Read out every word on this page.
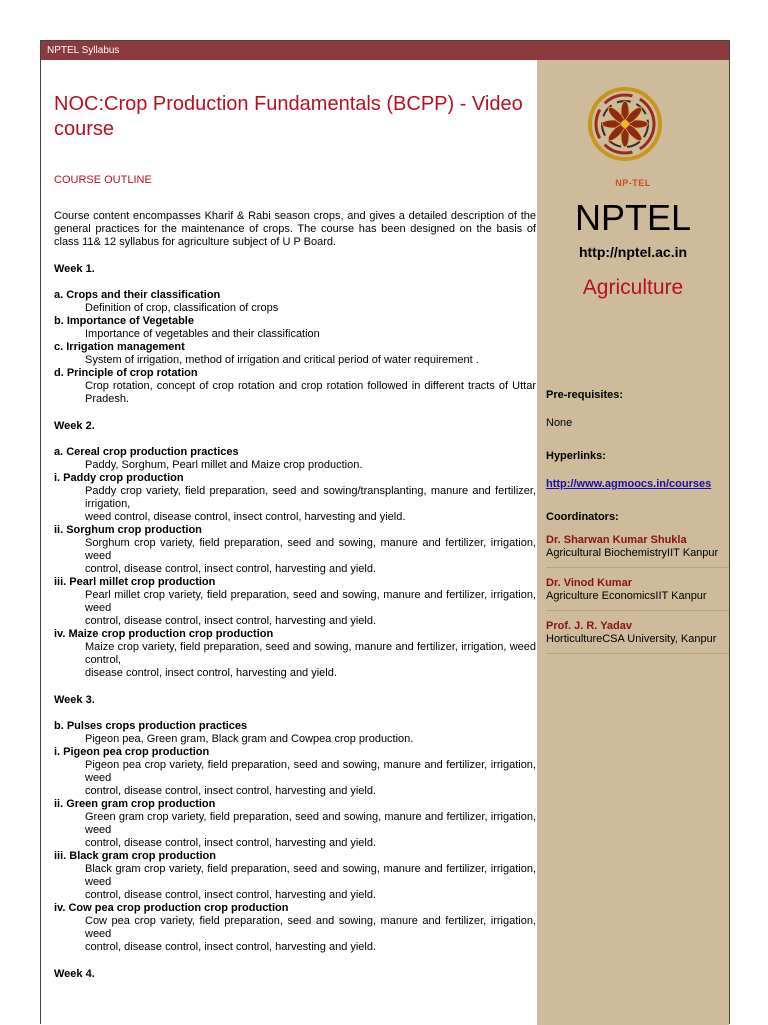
NPTEL Syllabus
NOC:Crop Production Fundamentals (BCPP) - Video course
COURSE OUTLINE
Course content encompasses Kharif & Rabi season crops, and gives a detailed description of the general practices for the maintenance of crops. The course has been designed on the basis of class 11& 12 syllabus for agriculture subject of U P Board.
Week 1.
a. Crops and their classification
Definition of crop, classification of crops
b. Importance of Vegetable
Importance of vegetables and their classification
c. Irrigation management
System of irrigation, method of irrigation and critical period of water requirement .
d. Principle of crop rotation
Crop rotation, concept of crop rotation and crop rotation followed in different tracts of Uttar Pradesh.
Week 2.
a. Cereal crop production practices
Paddy, Sorghum, Pearl millet and Maize crop production.
i. Paddy crop production
Paddy crop variety, field preparation, seed and sowing/transplanting, manure and fertilizer, irrigation,
weed control, disease control, insect control, harvesting and yield.
ii. Sorghum crop production
Sorghum crop variety, field preparation, seed and sowing, manure and fertilizer, irrigation, weed
control, disease control, insect control, harvesting and yield.
iii. Pearl millet crop production
Pearl millet crop variety, field preparation, seed and sowing, manure and fertilizer, irrigation, weed
control, disease control, insect control, harvesting and yield.
iv. Maize crop production crop production
Maize crop variety, field preparation, seed and sowing, manure and fertilizer, irrigation, weed control,
disease control, insect control, harvesting and yield.
Week 3.
b. Pulses crops production practices
Pigeon pea, Green gram, Black gram and Cowpea crop production.
i. Pigeon pea crop production
Pigeon pea crop variety, field preparation, seed and sowing, manure and fertilizer, irrigation, weed
control, disease control, insect control, harvesting and yield.
ii. Green gram crop production
Green gram crop variety, field preparation, seed and sowing, manure and fertilizer, irrigation, weed
control, disease control, insect control, harvesting and yield.
iii. Black gram crop production
Black gram crop variety, field preparation, seed and sowing, manure and fertilizer, irrigation, weed
control, disease control, insect control, harvesting and yield.
iv. Cow pea crop production crop production
Cow pea crop variety, field preparation, seed and sowing, manure and fertilizer, irrigation, weed
control, disease control, insect control, harvesting and yield.
Week 4.
NP-TEL
NPTEL
http://nptel.ac.in
Agriculture
Pre-requisites:
None
Hyperlinks:
http://www.agmoocs.in/courses
Coordinators:
Dr. Sharwan Kumar Shukla
Agricultural BiochemistryIIT Kanpur
Dr. Vinod Kumar
Agriculture EconomicsIIT Kanpur
Prof. J. R. Yadav
HorticultureCSA University, Kanpur
